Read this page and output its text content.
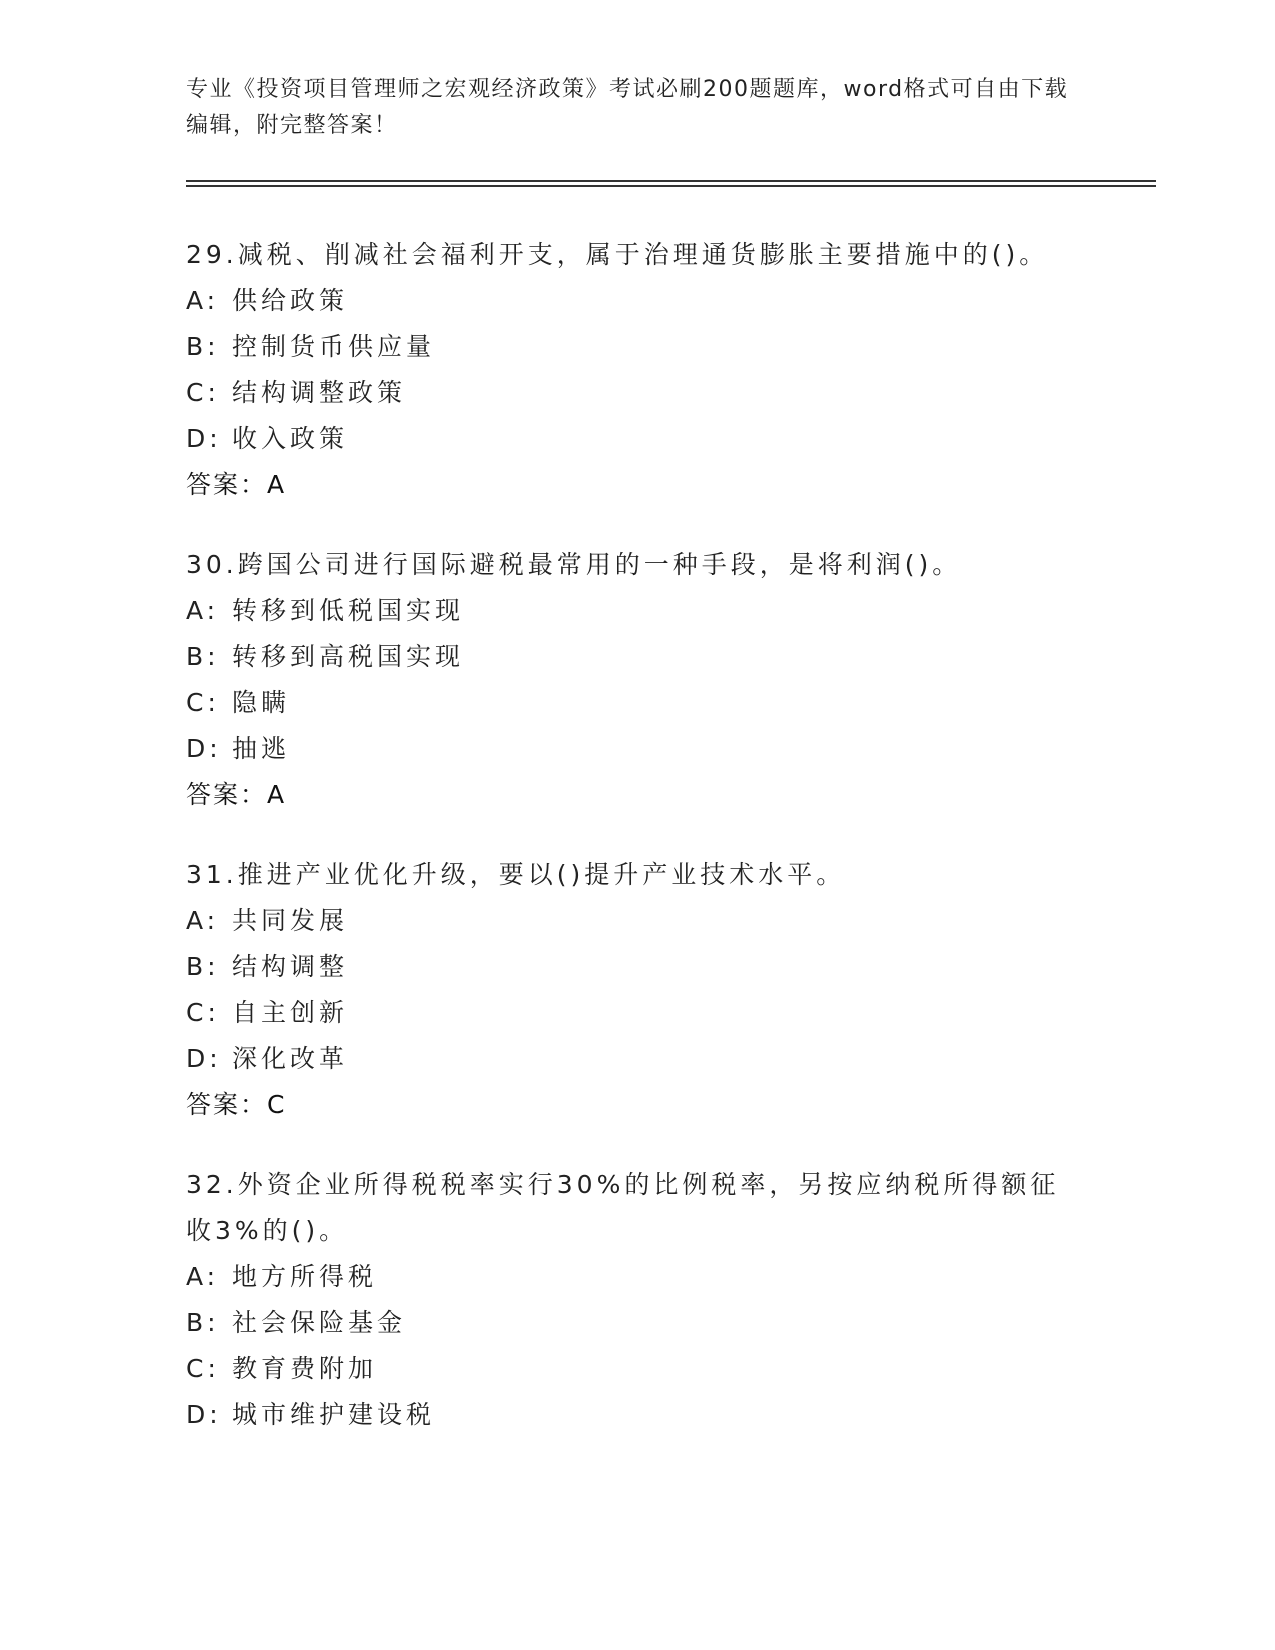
专业《投资项目管理师之宏观经济政策》考试必刷200题题库，word格式可自由下载编辑，附完整答案！
29.减税、削减社会福利开支，属于治理通货膨胀主要措施中的()。
A: 供给政策
B: 控制货币供应量
C: 结构调整政策
D: 收入政策
答案：A
30.跨国公司进行国际避税最常用的一种手段，是将利润()。
A: 转移到低税国实现
B: 转移到高税国实现
C: 隐瞒
D: 抽逃
答案：A
31.推进产业优化升级，要以()提升产业技术水平。
A: 共同发展
B: 结构调整
C: 自主创新
D: 深化改革
答案：C
32.外资企业所得税税率实行30%的比例税率，另按应纳税所得额征收3%的()。
A: 地方所得税
B: 社会保险基金
C: 教育费附加
D: 城市维护建设税
